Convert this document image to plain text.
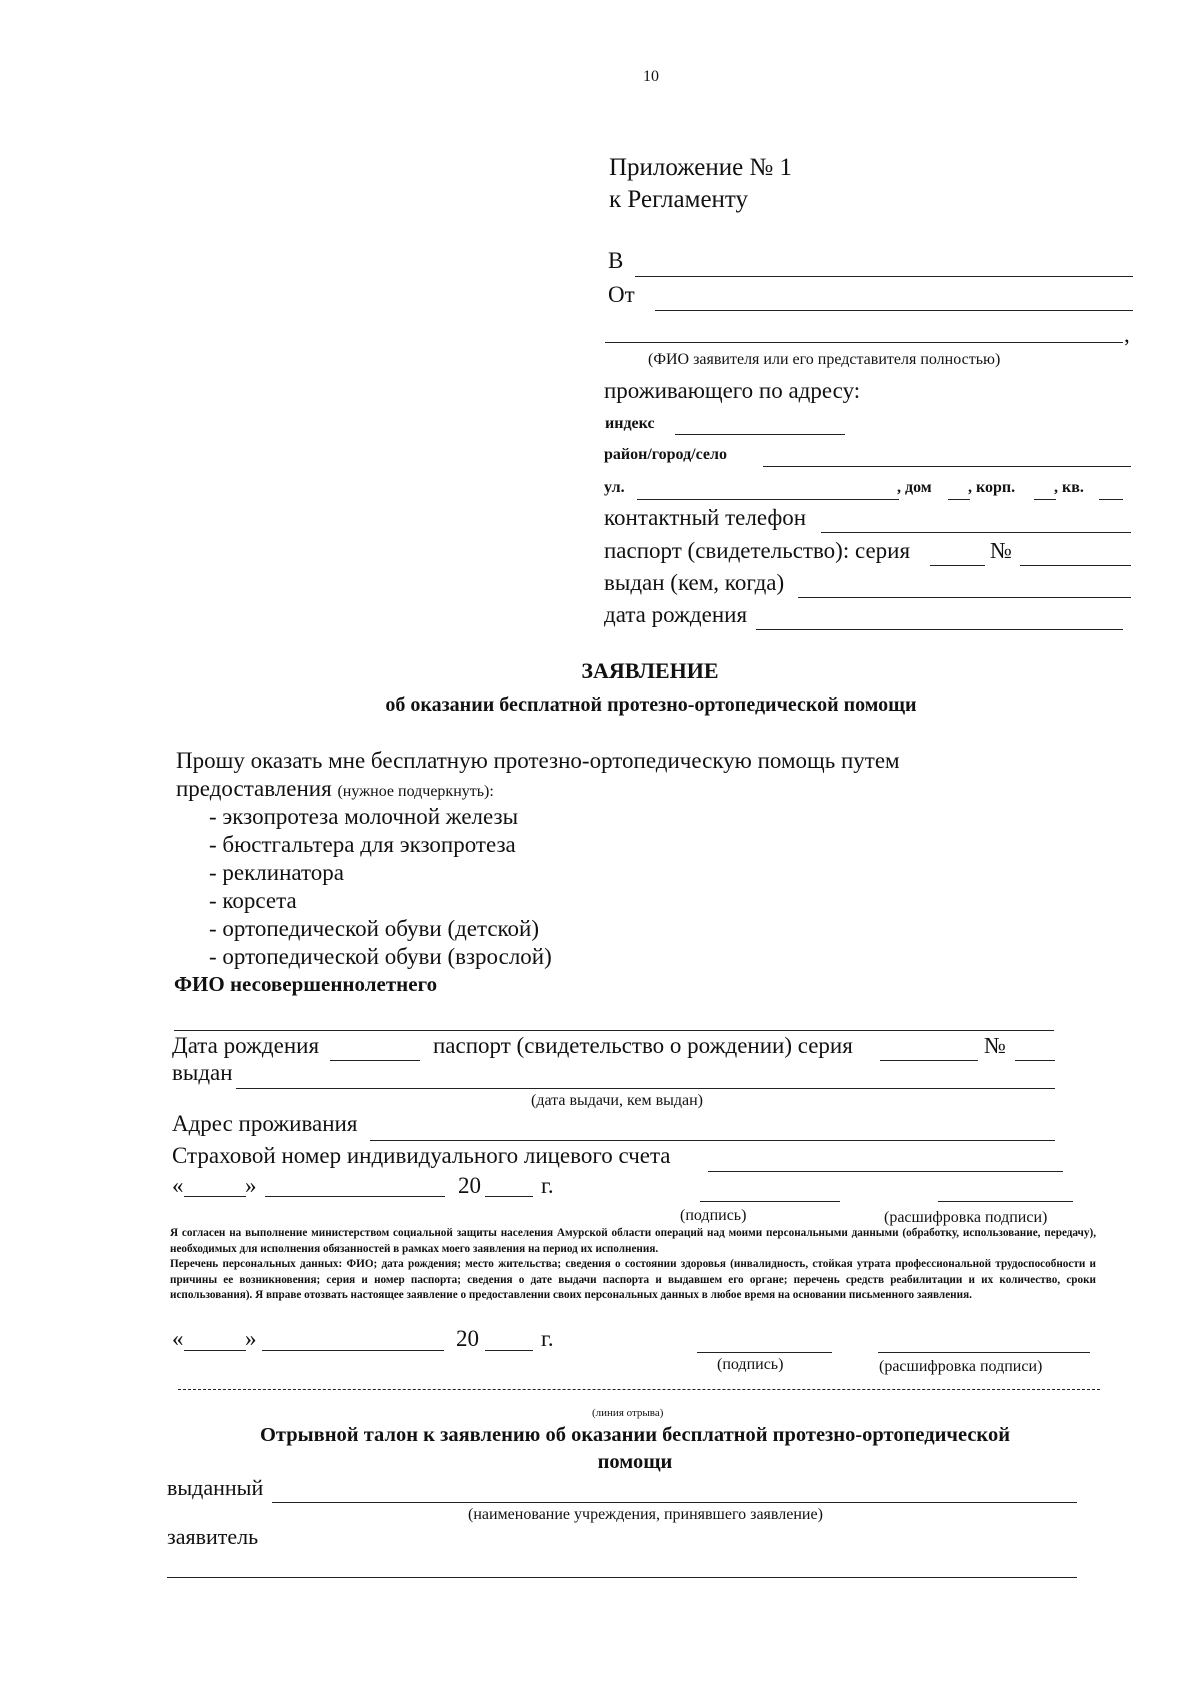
10
Приложение № 1
к Регламенту
В
От
,
(ФИО заявителя или его представителя полностью)
проживающего по адресу:
индекс
район/город/село
ул.	, дом , корп. , кв.
контактный телефон
паспорт (свидетельство): серия	№
выдан (кем, когда)
дата рождения
ЗАЯВЛЕНИЕ
об оказании бесплатной протезно-ортопедической помощи
Прошу оказать мне бесплатную протезно-ортопедическую помощь путем
предоставления (нужное подчеркнуть):
- экзопротеза молочной железы
- бюстгальтера для экзопротеза
- реклинатора
- корсета
- ортопедической обуви (детской)
- ортопедической обуви (взрослой)
ФИО несовершеннолетнего
Дата рождения	паспорт (свидетельство о рождении) серия	№
выдан
(дата выдачи, кем выдан)
Адрес проживания
Страховой номер индивидуального лицевого счета
«	»	20	г.
(подпись)	(расшифровка подписи)
Я согласен на выполнение министерством социальной защиты населения Амурской области операций над моими персональными данными (обработку, использование, передачу), необходимых для исполнения обязанностей в рамках моего заявления на период их исполнения.
Перечень персональных данных: ФИО; дата рождения; место жительства; сведения о состоянии здоровья (инвалидность, стойкая утрата профессиональной трудоспособности и причины ее возникновения; серия и номер паспорта; сведения о дате выдачи паспорта и выдавшем его органе; перечень средств реабилитации и их количество, сроки использования). Я вправе отозвать настоящее заявление о предоставлении своих персональных данных в любое время на основании письменного заявления.
«	»	20	г.
(подпись)	(расшифровка подписи)
(линия отрыва)
Отрывной талон к заявлению об оказании бесплатной протезно-ортопедической
помощи
выданный
(наименование учреждения, принявшего заявление)
заявитель
